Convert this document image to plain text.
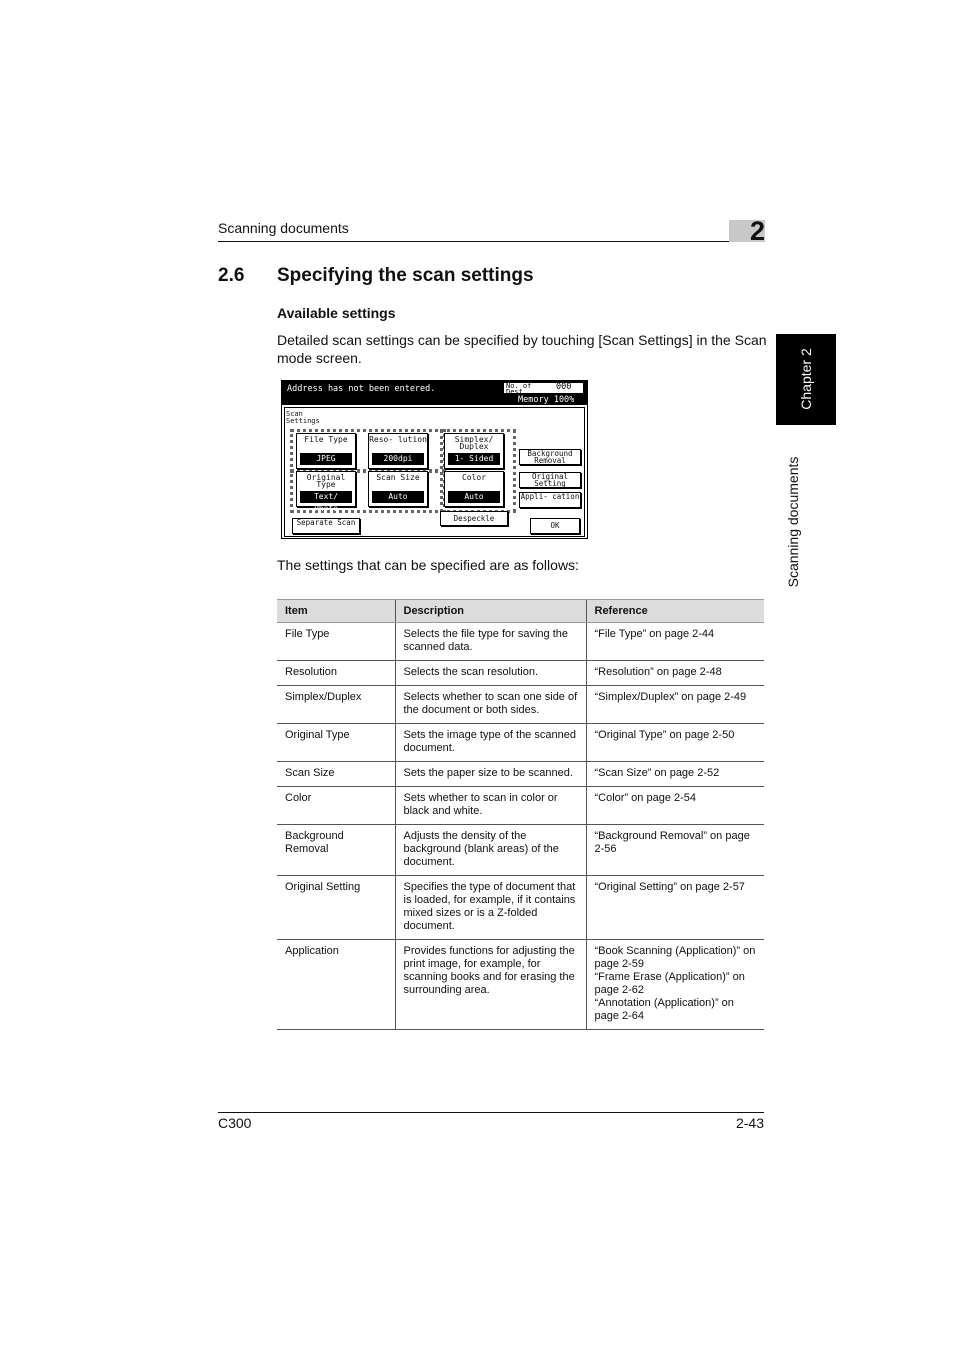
Scanning documents	2
Chapter 2
Scanning documents
2.6 Specifying the scan settings
Available settings
Detailed scan settings can be specified by touching [Scan Settings] in the Scan mode screen.
Address has not been entered.	No. of Dest.	000
Memory 100%
Scan Settings
File Type
JPEG
Reso- lution
200dpi
Simplex/ Duplex
1- Sided
Original Type
Text/ Photo
Scan Size
Auto
Color
Auto
Background Removal
Original Setting
Appli- cation
Despeckle
Separate Scan	OK
The settings that can be specified are as follows:
Item	Description	Reference
File Type	Selects the file type for saving the scanned data.	“File Type” on page 2-44

Resolution	Selects the scan resolution.	“Resolution” on page 2-48

Simplex/Duplex	Selects whether to scan one side of the document or both sides.	“Simplex/Duplex” on page 2-49

Original Type	Sets the image type of the scanned document.	“Original Type” on page 2-50

Scan Size	Sets the paper size to be scanned.	“Scan Size” on page 2-52

Color	Sets whether to scan in color or black and white.	“Color” on page 2-54

Background Removal	Adjusts the density of the background (blank areas) of the document.	“Background Removal” on page 2-56

Original Setting	Specifies the type of document that is loaded, for example, if it contains mixed sizes or is a Z-folded document.	“Original Setting” on page 2-57

Application	Provides functions for adjusting the print image, for example, for scanning books and for erasing the surrounding area.	“Book Scanning (Application)” on page 2-59
“Frame Erase (Application)” on page 2-62
“Annotation (Application)” on page 2-64
C300	2-43
